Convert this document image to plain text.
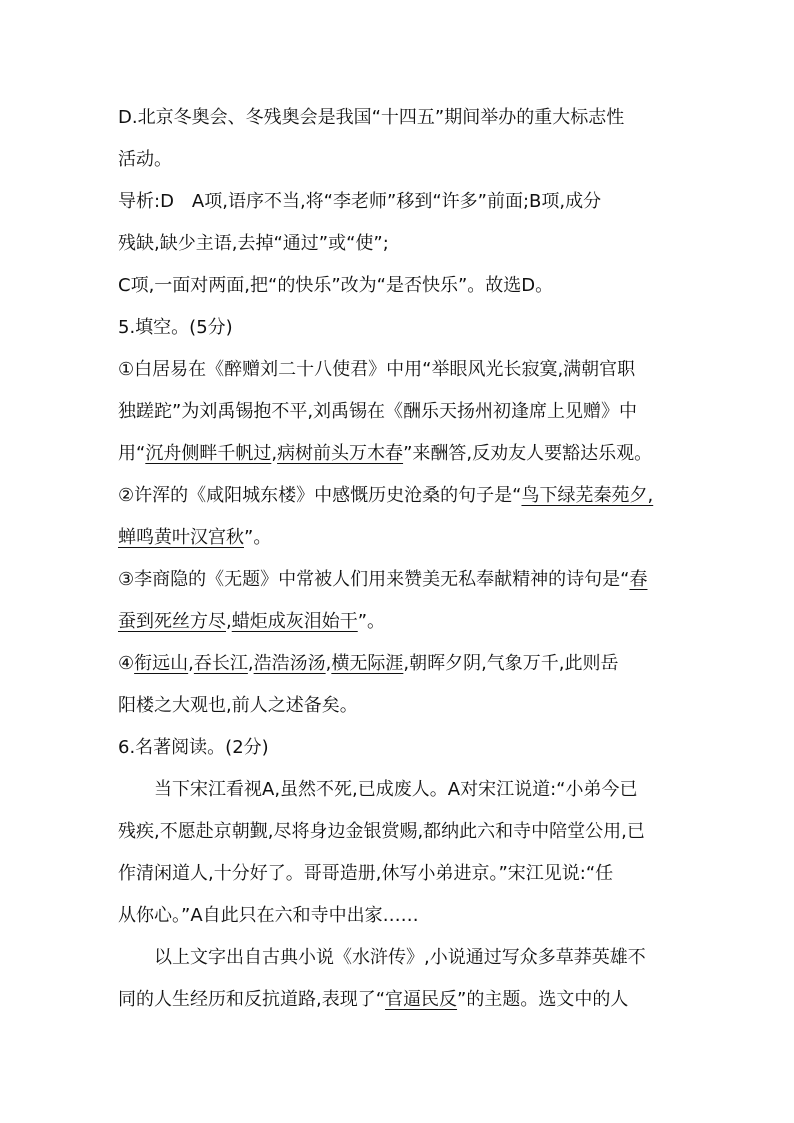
D.北京冬奥会、冬残奥会是我国“十四五”期间举办的重大标志性
活动。
导析:D　A项,语序不当,将“李老师”移到“许多”前面;B项,成分
残缺,缺少主语,去掉“通过”或“使”;
C项,一面对两面,把“的快乐”改为“是否快乐”。故选D。
5.填空。(5分)
①白居易在《醉赠刘二十八使君》中用“举眼风光长寂寞,满朝官职
独蹉跎”为刘禹锡抱不平,刘禹锡在《酬乐天扬州初逢席上见赠》中
用“沉舟侧畔千帆过,病树前头万木春”来酬答,反劝友人要豁达乐观。
②许浑的《咸阳城东楼》中感慨历史沧桑的句子是“鸟下绿芜秦苑夕,
蝉鸣黄叶汉宫秋”。
③李商隐的《无题》中常被人们用来赞美无私奉献精神的诗句是“春
蚕到死丝方尽,蜡炬成灰泪始干”。
④衔远山,吞长江,浩浩汤汤,横无际涯,朝晖夕阴,气象万千,此则岳
阳楼之大观也,前人之述备矣。
6.名著阅读。(2分)
当下宋江看视A,虽然不死,已成废人。A对宋江说道:“小弟今已
残疾,不愿赴京朝觐,尽将身边金银赏赐,都纳此六和寺中陪堂公用,已
作清闲道人,十分好了。哥哥造册,休写小弟进京。”宋江见说:“任
从你心。”A自此只在六和寺中出家……
以上文字出自古典小说《水浒传》,小说通过写众多草莽英雄不
同的人生经历和反抗道路,表现了“官逼民反”的主题。选文中的人
